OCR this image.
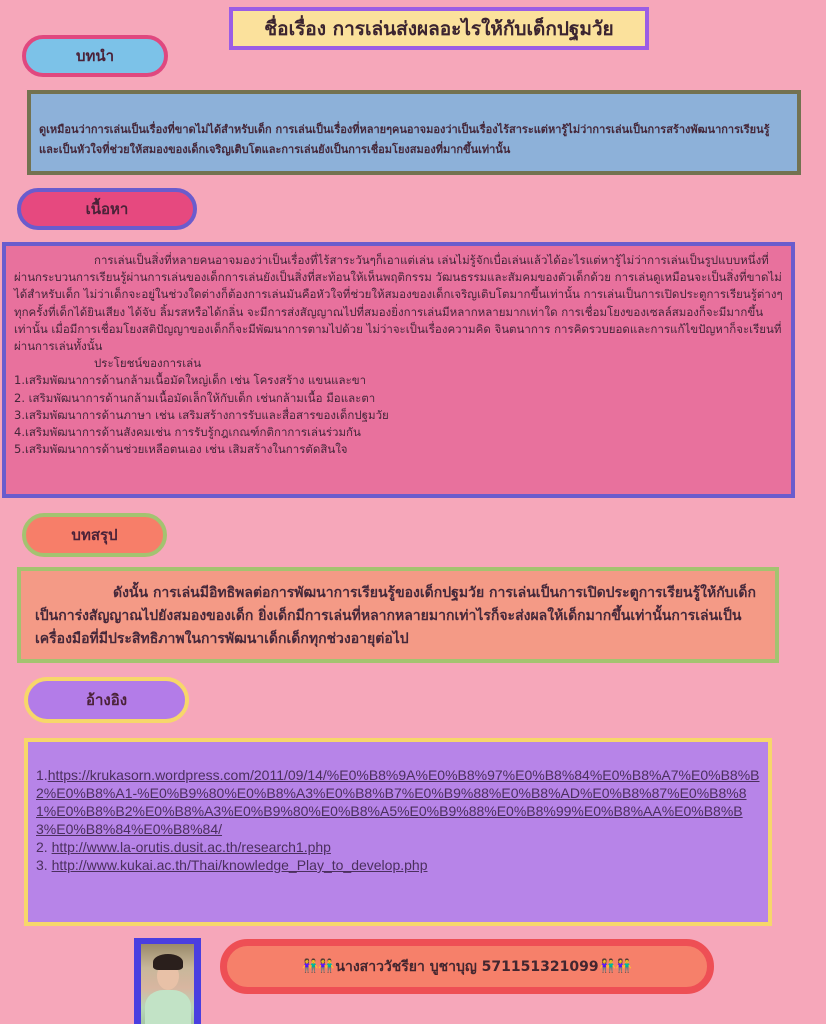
ชื่อเรื่อง การเล่นส่งผลอะไรให้กับเด็กปฐมวัย
บทนำ

ดูเหมือนว่าการเล่นเป็นเรื่องที่ขาดไม่ได้สำหรับเด็ก การเล่นเป็นเรื่องที่หลายๆคนอาจมองว่าเป็นเรื่องไร้สาระแต่หารู้ไม่ว่าการเล่นเป็นการสร้างพัฒนาการเรียนรู้และเป็นหัวใจที่ช่วยให้สมองของเด็กเจริญเติบโตและการเล่นยังเป็นการเชื่อมโยงสมองที่มากขึ้นเท่านั้น

เนื้อหา

การเล่นเป็นสิ่งที่หลายคนอาจมองว่าเป็นเรื่องที่ไร้สาระวันๆก็เอาแต่เล่น เล่นไม่รู้จักเบื่อเล่นแล้วได้อะไรแต่หารู้ไม่ว่าการเล่นเป็นรูปแบบหนึ่งที่ผ่านกระบวนการเรียนรู้ผ่านการเล่นของเด็กการเล่นยังเป็นสิ่งที่สะท้อนให้เห็นพฤติกรรม วัฒนธรรมและสัมคมของตัวเด็กด้วย การเล่นดูเหมือนจะเป็นสิ่งที่ขาดไม่ได้สำหรับเด็ก ไม่ว่าเด็กจะอยู่ในช่วงใดต่างก็ต้องการเล่นมันคือหัวใจที่ช่วยให้สมองของเด็กเจริญเติบโตมากขึ้นเท่านั้น การเล่นเป็นการเปิดประตูการเรียนรู้ต่างๆ ทุกครั้งที่เด็กได้ยินเสียง ได้จับ ลิ้มรสหรือได้กลิ่น จะมีการส่งสัญญาณไปที่สมองยิ่งการเล่นมีหลากหลายมากเท่าใด การเชื่อมโยงของเซลล์สมองก็จะมีมากขึ้นเท่านั้น เมื่อมีการเชื่อมโยงสติปัญญาของเด็กก็จะมีพัฒนาการตามไปด้วย ไม่ว่าจะเป็นเรื่องความคิด จินตนาการ การคิดรวบยอดและการแก้ไขปัญหาก็จะเรียนที่ผ่านการเล่นทั้งนั้น

ประโยชน์ของการเล่น

1.เสริมพัฒนาการด้านกล้ามเนื้อมัดใหญ่เด็ก เช่น โครงสร้าง แขนและขา

2. เสริมพัฒนาการด้านกล้ามเนื้อมัดเล็กให้กับเด็ก เช่นกล้ามเนื้อ มือและตา

3.เสริมพัฒนาการด้านภาษา เช่น เสริมสร้างการรับและสื่อสารของเด็กปฐมวัย

4.เสริมพัฒนาการด้านสังคมเช่น การรับรู้กฎเกณฑ์กติกาการเล่นร่วมกัน

5.เสริมพัฒนาการด้านช่วยเหลือตนเอง เช่น เสิมสร้างในการตัดสินใจ

บทสรุป

ดังนั้น การเล่นมีอิทธิพลต่อการพัฒนาการเรียนรู้ของเด็กปฐมวัย การเล่นเป็นการเปิดประตูการเรียนรู้ให้กับเด็กเป็นการ่งสัญญาณไปยังสมองของเด็ก ยิ่งเด็กมีการเล่นที่หลากหลายมากเท่าไรก็จะส่งผลให้เด็กมากขึ้นเท่านั้นการเล่นเป็นเครื่องมือที่มีประสิทธิภาพในการพัฒนาเด็กเด็กทุกช่วงอายุต่อไป

อ้างอิง
1.https://krukasorn.wordpress.com/2011/09/14/%E0%B8%9A%E0%B8%97%E0%B8%84%E0%B8%A7%E0%B8%B2%E0%B8%A1-%E0%B9%80%E0%B8%A3%E0%B8%B7%E0%B9%88%E0%B8%AD%E0%B8%87%E0%B8%81%E0%B8%B2%E0%B8%A3%E0%B9%80%E0%B8%A5%E0%B9%88%E0%B8%99%E0%B8%AA%E0%B8%B3%E0%B8%84%E0%B8%84/
2. http://www.la-orutis.dusit.ac.th/research1.php
3. http://www.kukai.ac.th/Thai/knowledge_Play_to_develop.php
👫👫 นางสาววัชรียา บูชาบุญ 571151321099 👫👫
